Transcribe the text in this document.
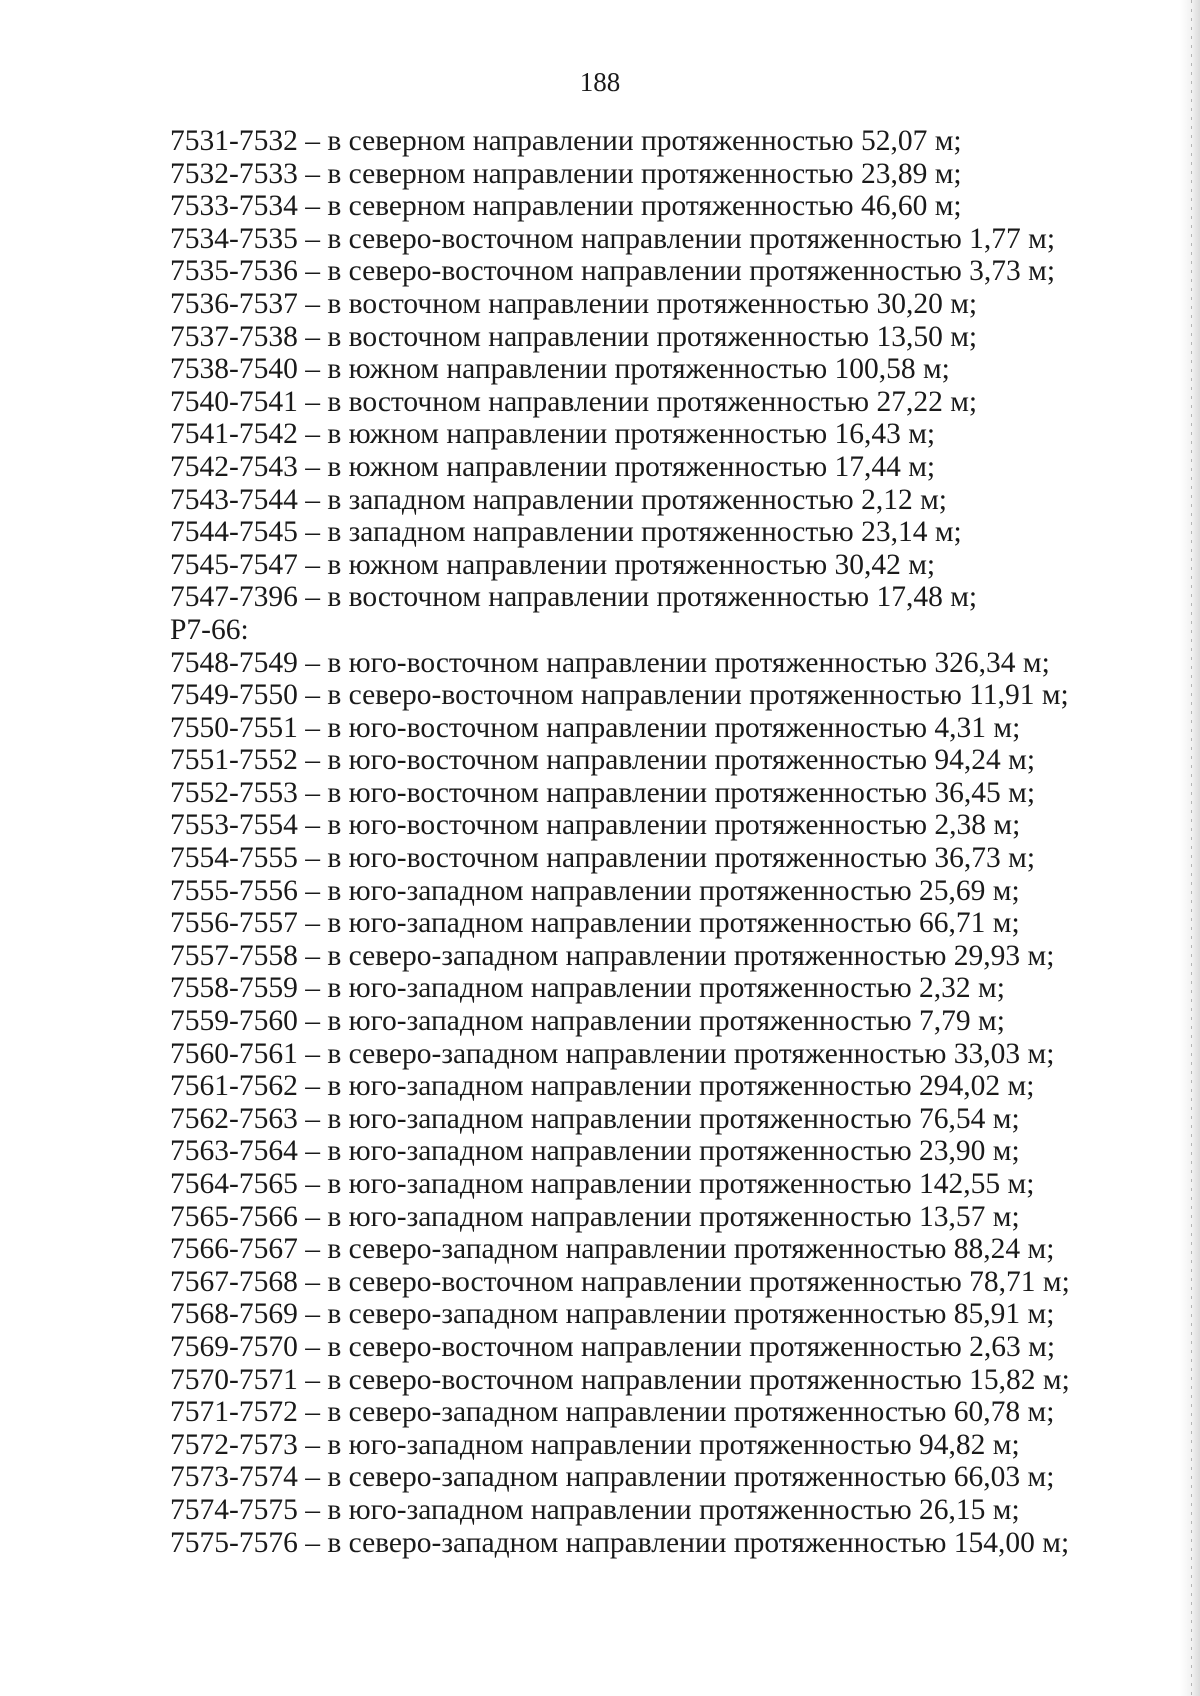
188

7531-7532 – в северном направлении протяженностью 52,07 м;

7532-7533 – в северном направлении протяженностью 23,89 м;

7533-7534 – в северном направлении протяженностью 46,60 м;

7534-7535 – в северо-восточном направлении протяженностью 1,77 м;

7535-7536 – в северо-восточном направлении протяженностью 3,73 м;

7536-7537 – в восточном направлении протяженностью 30,20 м;

7537-7538 – в восточном направлении протяженностью 13,50 м;

7538-7540 – в южном направлении протяженностью 100,58 м;

7540-7541 – в восточном направлении протяженностью 27,22 м;

7541-7542 – в южном направлении протяженностью 16,43 м;

7542-7543 – в южном направлении протяженностью 17,44 м;

7543-7544 – в западном направлении протяженностью 2,12 м;

7544-7545 – в западном направлении протяженностью 23,14 м;

7545-7547 – в южном направлении протяженностью 30,42 м;

7547-7396 – в восточном направлении протяженностью 17,48 м;

Р7-66:

7548-7549 – в юго-восточном направлении протяженностью 326,34 м;

7549-7550 – в северо-восточном направлении протяженностью 11,91 м;

7550-7551 – в юго-восточном направлении протяженностью 4,31 м;

7551-7552 – в юго-восточном направлении протяженностью 94,24 м;

7552-7553 – в юго-восточном направлении протяженностью 36,45 м;

7553-7554 – в юго-восточном направлении протяженностью 2,38 м;

7554-7555 – в юго-восточном направлении протяженностью 36,73 м;

7555-7556 – в юго-западном направлении протяженностью 25,69 м;

7556-7557 – в юго-западном направлении протяженностью 66,71 м;

7557-7558 – в северо-западном направлении протяженностью 29,93 м;

7558-7559 – в юго-западном направлении протяженностью 2,32 м;

7559-7560 – в юго-западном направлении протяженностью 7,79 м;

7560-7561 – в северо-западном направлении протяженностью 33,03 м;

7561-7562 – в юго-западном направлении протяженностью 294,02 м;

7562-7563 – в юго-западном направлении протяженностью 76,54 м;

7563-7564 – в юго-западном направлении протяженностью 23,90 м;

7564-7565 – в юго-западном направлении протяженностью 142,55 м;

7565-7566 – в юго-западном направлении протяженностью 13,57 м;

7566-7567 – в северо-западном направлении протяженностью 88,24 м;

7567-7568 – в северо-восточном направлении протяженностью 78,71 м;

7568-7569 – в северо-западном направлении протяженностью 85,91 м;

7569-7570 – в северо-восточном направлении протяженностью 2,63 м;

7570-7571 – в северо-восточном направлении протяженностью 15,82 м;

7571-7572 – в северо-западном направлении протяженностью 60,78 м;

7572-7573 – в юго-западном направлении протяженностью 94,82 м;

7573-7574 – в северо-западном направлении протяженностью 66,03 м;

7574-7575 – в юго-западном направлении протяженностью 26,15 м;

7575-7576 – в северо-западном направлении протяженностью 154,00 м;
